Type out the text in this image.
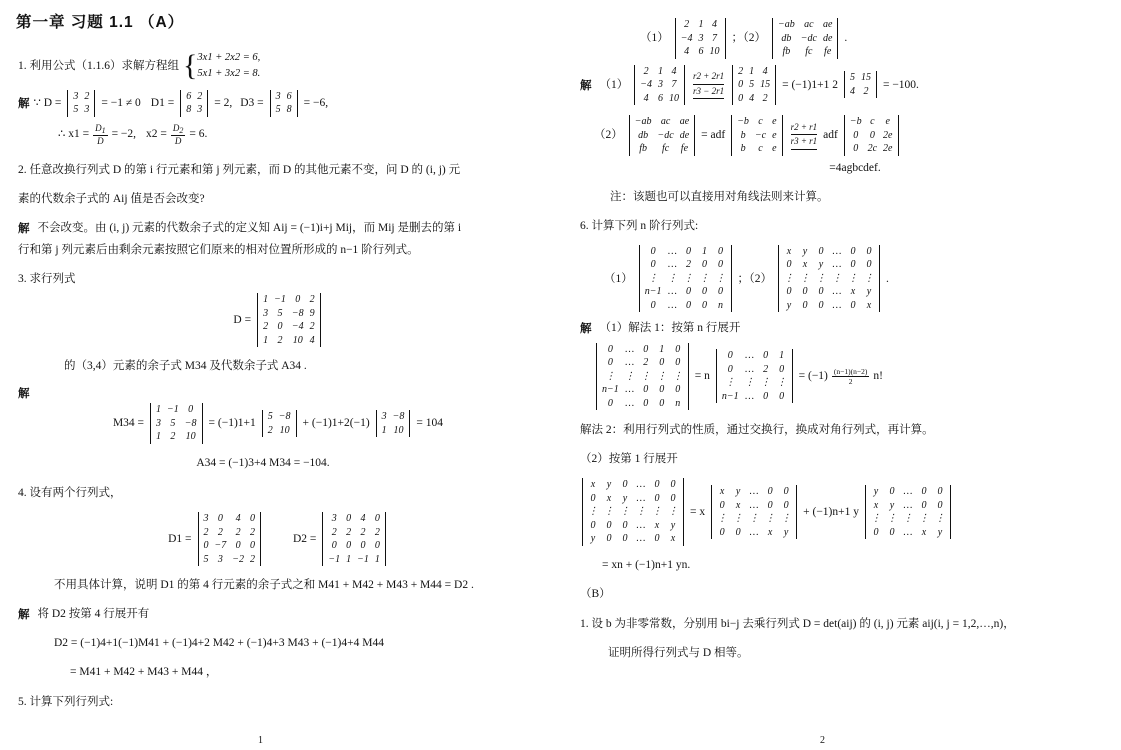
第一章 习题 1.1 （A）
1. 利用公式（1.1.6）求解方程组 { 3x1 + 2x2 = 6,
5x1 + 3x2 = 8.
解 ∵ D =
3	2
5	3
= −1 ≠ 0 D1 =
6	2
8	3
= 2, D3 =
3	6
5	8
= −6,
∴ $x1 = \frac{D1}{D} = -2$, $x2 = \frac{D2}{D} = 6$.
2. 任意改换行列式 D 的第 i 行元素和第 j 列元素，而 D 的其他元素不变，问 D 的 (i, j) 元
素的代数余子式的 Aij 值是否会改变?
解 不会改变。由 (i, j) 元素的代数余子式的定义知 Aij = (−1)i+j Mij，而 Mij 是删去的第 i
行和第 j 列元素后由剩余元素按照它们原来的相对位置所形成的 n−1 阶行列式。
3. 求行列式
D =
1	−1	0	2
3	5	−8	9
2	0	−4	2
1	2	10	4
的（3,4）元素的余子式 M34 及代数余子式 A34 .
解
M34 =
1	−1	0
3	5	−8
1	2	10
= (−1)1+1
5	−8
2	10
+ (−1)1+2(−1)
3	−8
1	10
= 104
A34 = (−1)3+4 M34 = −104.
4. 设有两个行列式，
D1 =
3	0	4	0
2	2	2	2
0	−7	0	0
5	3	−2	2
D2 =
3	0	4	0
2	2	2	2
0	0	0	0
−1	1	−1	1
不用具体计算，说明 D1 的第 4 行元素的余子式之和 M41 + M42 + M43 + M44 = D2 .
解 将 D2 按第 4 行展开有
D2 = (−1)4+1(−1)M41 + (−1)4+2 M42 + (−1)4+3 M43 + (−1)4+4 M44
= M41 + M42 + M43 + M44 ，
5. 计算下列行列式:
（1）
2	1	4
−4	3	7
4	6	10
；（2）
−ab	ac	ae
db	−dc	de
fb	fc	fe
.
解 （1）
2	1	4
−4	3	7
4	6	10
r2 + 2r1
r3 − 2r1
2	1	4
0	5	15
0	4	2
= (−1)1+1 2
5	15
4	2
= −100.
（2）
−ab	ac	ae
db	−dc	de
fb	fc	fe
= adf
−b	c	e
b	−c	e
b	c	e
r2 + r1
r3 + r1
adf
−b	c	e
0	0	2e
0	2c	2e
=4agbcdef.
注：该题也可以直接用对角线法则来计算。
6. 计算下列 n 阶行列式:
（1）
0	…	0	1	0
0	…	2	0	0
⋮	⋮	⋮	⋮	⋮
n−1	…	0	0	0
0	…	0	0	n
；（2）
x	y	0	…	0	0
0	x	y	…	0	0
⋮	⋮	⋮	⋮	⋮	⋮
0	0	0	…	x	y
y	0	0	…	0	x
.
解 （1）解法 1：按第 n 行展开
0	…	0	1	0
0	…	2	0	0
⋮	⋮	⋮	⋮	⋮
n−1	…	0	0	0
0	…	0	0	n
= n
0	…	0	1
0	…	2	0
⋮	⋮	⋮	⋮
n−1	…	0	0
= $(-1) \frac{(n-1)(n-2)}{2} n$!
解法 2：利用行列式的性质，通过交换行，换成对角行列式，再计算。
（2）按第 1 行展开
x	y	0	…	0	0
0	x	y	…	0	0
⋮	⋮	⋮	⋮	⋮	⋮
0	0	0	…	x	y
y	0	0	…	0	x
= x
x	y	…	0	0
0	x	…	0	0
⋮	⋮	⋮	⋮	⋮
0	0	…	x	y
+ (−1)n+1 y
y	0	…	0	0
x	y	…	0	0
⋮	⋮	⋮	⋮	⋮
0	0	…	x	y
= xn + (−1)n+1 yn.
（B）
1. 设 b 为非零常数，分别用 bi−j 去乘行列式 D = det(aij) 的 (i, j) 元素 aij(i, j = 1,2,…,n)，
证明所得行列式与 D 相等。
1	2
